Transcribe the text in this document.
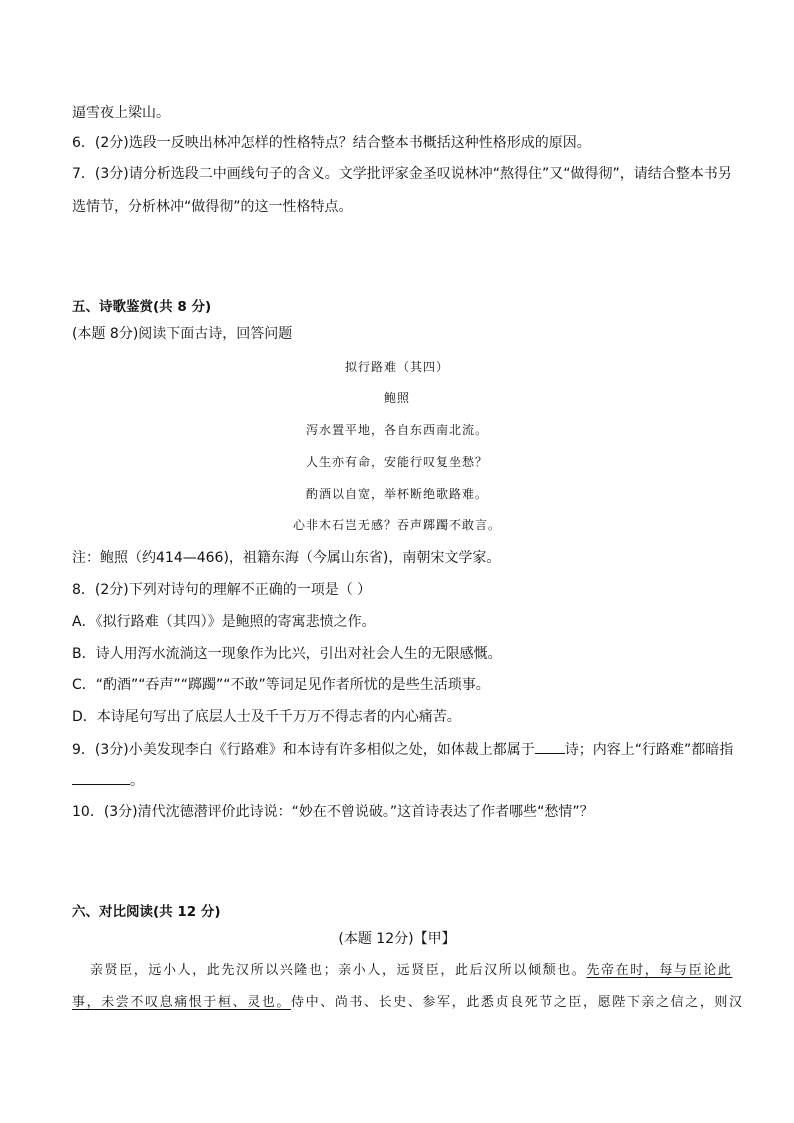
逼雪夜上梁山。
6．(2分)选段一反映出林冲怎样的性格特点？结合整本书概括这种性格形成的原因。
7．(3分)请分析选段二中画线句子的含义。文学批评家金圣叹说林冲“熬得住”又“做得彻”，请结合整本书另
选情节，分析林冲“做得彻”的这一性格特点。
五、诗歌鉴赏(共 8 分)
(本题 8分)阅读下面古诗，回答问题
拟行路难（其四）
鲍照
泻水置平地，各自东西南北流。
人生亦有命，安能行叹复坐愁？
酌酒以自宽，举杯断绝歌路难。
心非木石岂无感？吞声踯躅不敢言。
注：鲍照（约414—466)，祖籍东海（今属山东省)，南朝宋文学家。
8．(2分)下列对诗句的理解不正确的一项是（ ）
A．《拟行路难（其四）》是鲍照的寄寓悲愤之作。
B．诗人用泻水流淌这一现象作为比兴，引出对社会人生的无限感慨。
C．“酌酒”“吞声”“踯躅”“不敢”等词足见作者所忧的是些生活琐事。
D．本诗尾句写出了底层人士及千千万万不得志者的内心痛苦。
9．(3分)小美发现李白《行路难》和本诗有许多相似之处，如体裁上都属于 诗；内容上“行路难”都暗指
。
10．(3分)清代沈德潜评价此诗说：“妙在不曾说破。”这首诗表达了作者哪些“愁情”？
六、对比阅读(共 12 分)
(本题 12分)【甲】
亲贤臣，远小人，此先汉所以兴隆也；亲小人，远贤臣，此后汉所以倾颓也。先帝在时，每与臣论此
事，未尝不叹息痛恨于桓、灵也。侍中、尚书、长史、参军，此悉贞良死节之臣，愿陛下亲之信之，则汉
